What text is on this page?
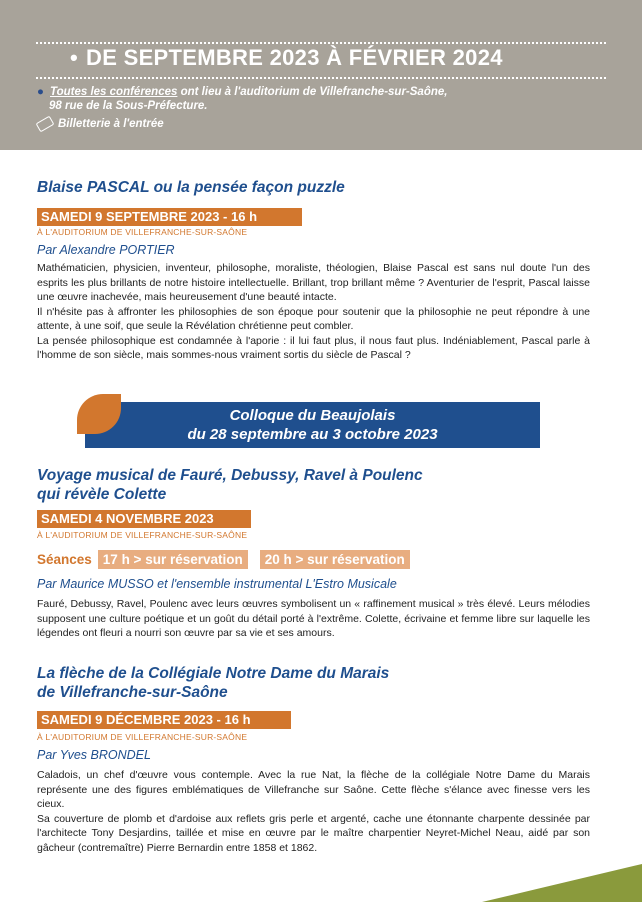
• DE SEPTEMBRE 2023 À FÉVRIER 2024
● Toutes les conférences ont lieu à l'auditorium de Villefranche-sur-Saône,
98 rue de la Sous-Préfecture.
Billetterie à l'entrée
Blaise PASCAL ou la pensée façon puzzle
SAMEDI 9 SEPTEMBRE 2023 - 16 h
À L'AUDITORIUM DE VILLEFRANCHE-SUR-SAÔNE
Par Alexandre PORTIER

Mathématicien, physicien, inventeur, philosophe, moraliste, théologien, Blaise Pascal est sans nul doute l'un des esprits les plus brillants de notre histoire intellectuelle. Brillant, trop brillant même ? Aventurier de l'esprit, Pascal laisse une œuvre inachevée, mais heureusement d'une beauté intacte.

Il n'hésite pas à affronter les philosophies de son époque pour soutenir que la philosophie ne peut répondre à une attente, à une soif, que seule la Révélation chrétienne peut combler.

La pensée philosophique est condamnée à l'aporie : il lui faut plus, il nous faut plus. Indéniablement, Pascal parle à l'homme de son siècle, mais sommes-nous vraiment sortis du siècle de Pascal ?

Colloque du Beaujolais
du 28 septembre au 3 octobre 2023
Voyage musical de Fauré, Debussy, Ravel à Poulenc
qui révèle Colette
SAMEDI 4 NOVEMBRE 2023
À L'AUDITORIUM DE VILLEFRANCHE-SUR-SAÔNE
Séances 17 h > sur réservation	20 h > sur réservation
Par Maurice MUSSO et l'ensemble instrumental L'Estro Musicale

Fauré, Debussy, Ravel, Poulenc avec leurs œuvres symbolisent un « raffinement musical » très élevé. Leurs mélodies supposent une culture poétique et un goût du détail porté à l'extrême. Colette, écrivaine et femme libre sur laquelle les légendes ont fleuri a nourri son œuvre par sa vie et ses amours.

La flèche de la Collégiale Notre Dame du Marais
de Villefranche-sur-Saône
SAMEDI 9 DÉCEMBRE 2023 - 16 h
À L'AUDITORIUM DE VILLEFRANCHE-SUR-SAÔNE
Par Yves BRONDEL

Caladois, un chef d'œuvre vous contemple. Avec la rue Nat, la flèche de la collégiale Notre Dame du Marais représente une des figures emblématiques de Villefranche sur Saône. Cette flèche s'élance avec finesse vers les cieux.

Sa couverture de plomb et d'ardoise aux reflets gris perle et argenté, cache une étonnante charpente dessinée par l'architecte Tony Desjardins, taillée et mise en œuvre par le maître charpentier Neyret-Michel Neau, aidé par son gâcheur (contremaître) Pierre Bernardin entre 1858 et 1862.
